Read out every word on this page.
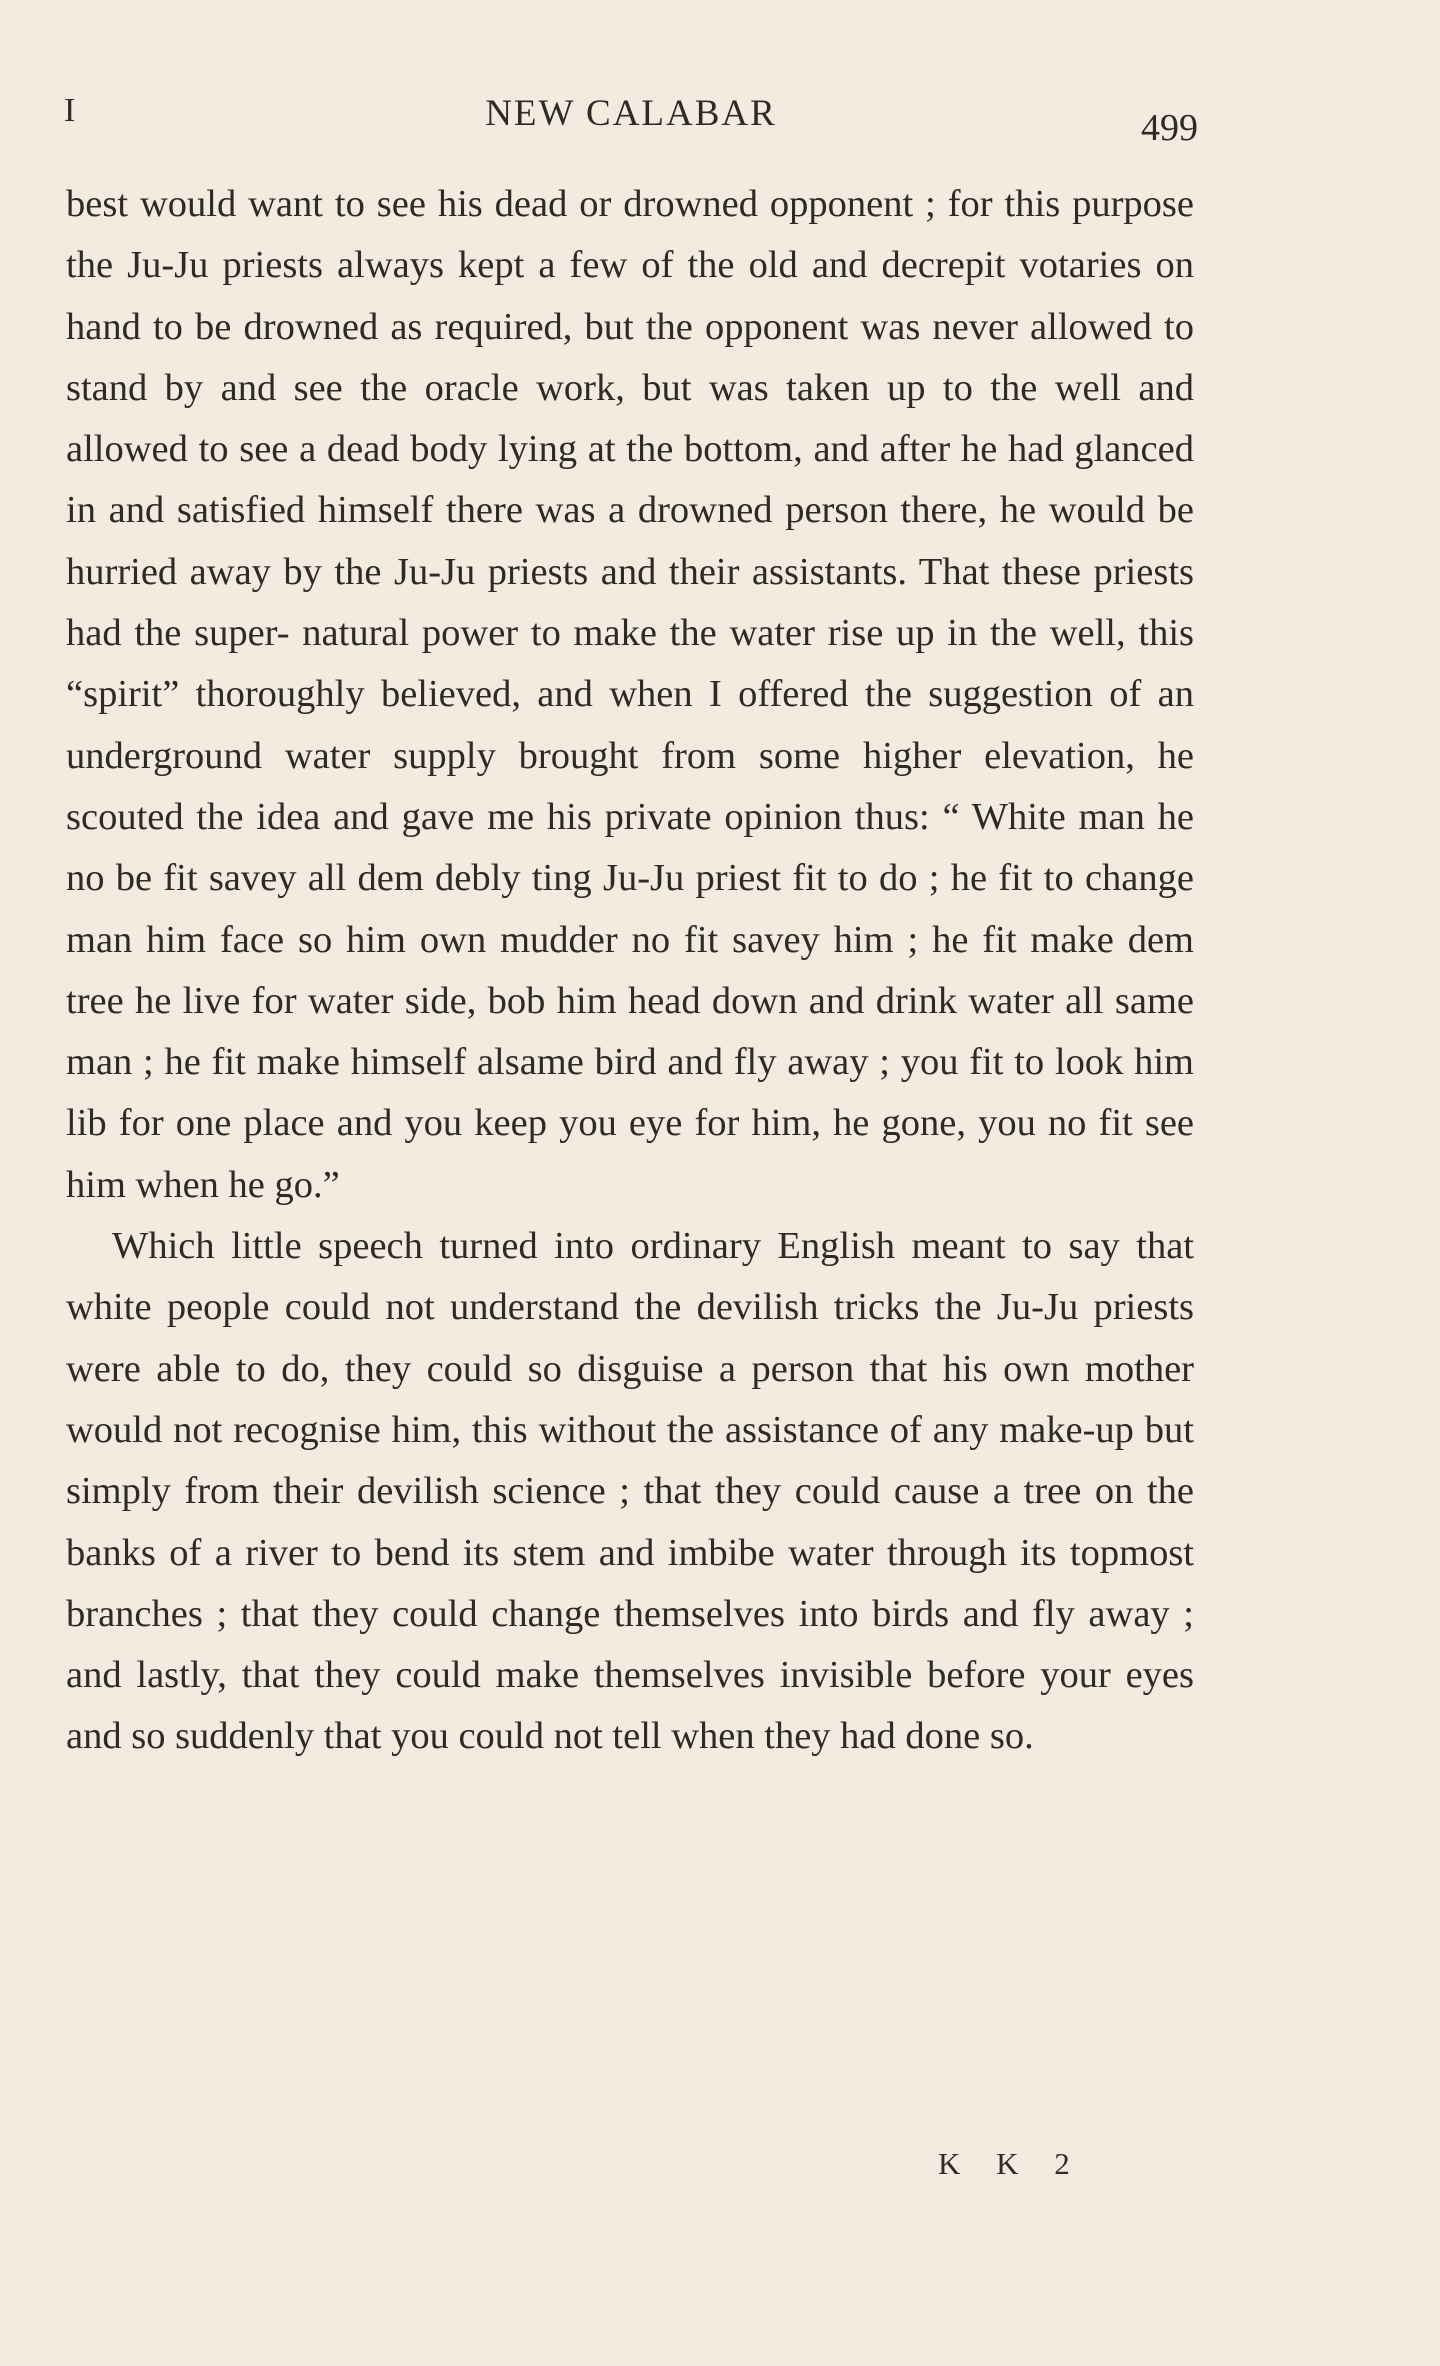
I	NEW CALABAR	499

best would want to see his dead or drowned opponent ; for this purpose the Ju-Ju priests always kept a few of the old and decrepit votaries on hand to be drowned as required, but the opponent was never allowed to stand by and see the oracle work, but was taken up to the well and allowed to see a dead body lying at the bottom, and after he had glanced in and satisfied himself there was a drowned person there, he would be hurried away by the Ju-Ju priests and their assistants. That these priests had the super- natural power to make the water rise up in the well, this “spirit” thoroughly believed, and when I offered the suggestion of an underground water supply brought from some higher elevation, he scouted the idea and gave me his private opinion thus: “ White man he no be fit savey all dem debly ting Ju-Ju priest fit to do ; he fit to change man him face so him own mudder no fit savey him ; he fit make dem tree he live for water side, bob him head down and drink water all same man ; he fit make himself alsame bird and fly away ; you fit to look him lib for one place and you keep you eye for him, he gone, you no fit see him when he go.”

Which little speech turned into ordinary English meant to say that white people could not understand the devilish tricks the Ju-Ju priests were able to do, they could so disguise a person that his own mother would not recognise him, this without the assistance of any make-up but simply from their devilish science ; that they could cause a tree on the banks of a river to bend its stem and imbibe water through its topmost branches ; that they could change themselves into birds and fly away ; and lastly, that they could make themselves invisible before your eyes and so suddenly that you could not tell when they had done so.

K K 2
